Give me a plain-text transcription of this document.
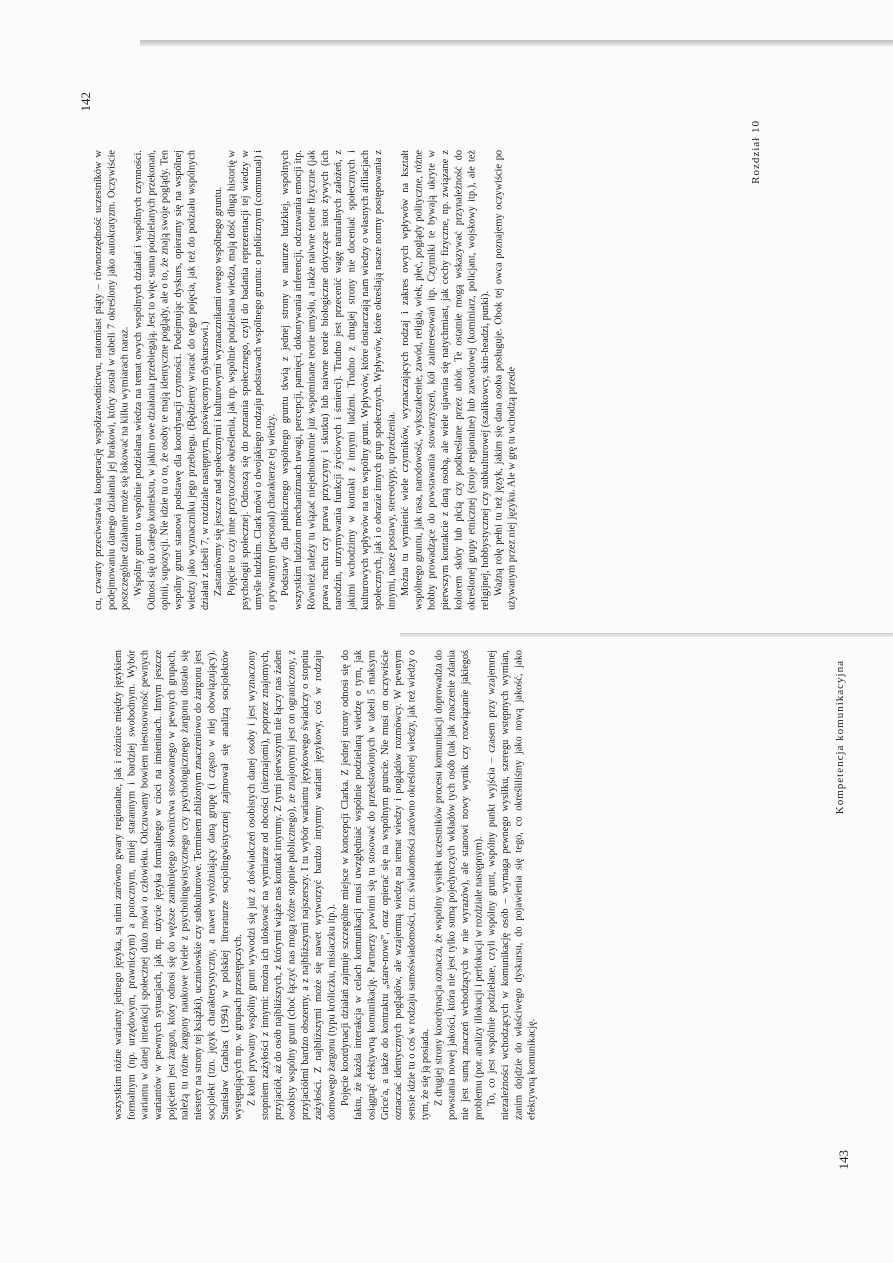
Rozdział 10
142

cu, czwarty przeciwstawia kooperację współzawodnictwu, natomiast piąty – równorzędność uczestników w podejmowaniu danego działania jej brakowi, który został w tabeli 7 określony jako autokratyzm. Oczywiście poszczególne działanie może się lokować na kilku wymiarach naraz. Wspólny grunt to wspólnie podzielana wiedza na temat owych wspólnych działań i wspólnych czynności. Odnosi się do całego kontekstu, w jakim owe działania przebiegają. Jest to więc suma podzielanych przekonań, opinii, supozycji. Nie idzie tu o to, że osoby te mają identyczne poglądy, ale o to, że znają swoje poglądy. Ten wspólny grunt stanowi podstawę dla koordynacji czynności. Podejmując dyskurs, opieramy się na wspólnej wiedzy jako wyznaczniku jego przebiegu. (Będziemy wracać do tego pojęcia, jak też do podziału wspólnych działań z tabeli 7, w rozdziale następnym, poświęconym dyskursowi.) Zastanówmy się jeszcze nad społecznymi i kulturowymi wyznacznikami owego wspólnego gruntu. Pojęcie to czy inne przytoczone określenia, jak np. wspólnie podzielana wiedza, mają dość długą historię w psychologii społecznej. Odnoszą się do poznania społecznego, czyli do badania reprezentacji tej wiedzy w umyśle ludzkim. Clark mówi o dwojakiego rodzaju podstawach wspólnego gruntu: o publicznym (communal) i o prywatnym (personal) charakterze tej wiedzy. Podstawy dla publicznego wspólnego gruntu tkwią z jednej strony w naturze ludzkiej, wspólnych wszystkim ludziom mechanizmach uwagi, percepcji, pamięci, dokonywania inferencji, odczuwania emocji itp. Również należy tu wiązać niejednokrotnie już wspominane teorie umysłu, a także naiwne teorie fizyczne (jak prawa ruchu czy prawa przyczyny i skutku) lub naiwne teorie biologiczne dotyczące istot żywych (ich narodzin, utrzymywania funkcji życiowych i śmierci). Trudno jest przecenić wagę naturalnych założeń, z jakimi wchodzimy w kontakt z innymi ludźmi. Trudno z drugiej strony nie doceniać społecznych i kulturowych wpływów na ten wspólny grunt. Wpływów, które dostarczają nam wiedzy o własnych afiliacjach społecznych, jak i o obrazie innych grup społecznych. Wpływów, które określają nasze normy postępowania z innymi, nasze postawy, stereotypy, uprzedzenia. Można tu wymienić wiele czynników, wyznaczających rodzaj i zakres owych wpływów na kształt wspólnego gruntu, jak rasa, narodowość, wykształcenie, zawód, religia, wiek, płeć, poglądy polityczne, różne hobby prowadzące do powstawania stowarzyszeń, kół zainteresowań itp. Czynniki te bywają ukryte w pierwszym kontakcie z daną osobą, ale wiele ujawnia się natychmiast, jak cechy fizyczne, np. związane z kolorem skóry lub płcią czy podkreślane przez ubiór. Te ostatnie mogą wskazywać przynależność do określonej grupy etnicznej (stroje regionalne) lub zawodowej (kominiarz, policjant, wojskowy itp.), ale też religijnej, hobbystycznej czy subkulturowej (szalikowcy, skin-headzi, punki). Ważną rolę pełni tu też język, jakim się dana osoba posługuje. Obok tej owca poznajemy oczywiście po używanym przez niej języku. Ale w grę tu wchodzą przede

Kompetencja komunikacyjna
143

wszystkim różne warianty jednego języka, są nimi zarówno gwary regionalne, jak i różnice między językiem formalnym (np. urzędowym, prawniczym) a potocznym, mniej starannym i bardziej swobodnym. Wybór wariantu w danej interakcji społecznej dużo mówi o człowieku. Odczuwamy bowiem niestosowność pewnych wariantów w pewnych sytuacjach, jak np. użycie języka formalnego w cioci na imieninach. Innym jeszcze pojęciem jest żargon, który odnosi się do węższe zamkniętego słownictwa stosowanego w pewnych grupach, należą tu różne żargony naukowe (wiele z psycholingwistycznego czy psychologicznego żargonu dostało się niestety na strony tej książki), uczniowskie czy subkulturowe. Terminem zbliżonym znaczeniowo do żargonu jest socjolekt (tzn. język charakterystyczny, a nawet wyróżniający daną grupę (i często w niej obowiązujący). Stanisław Grabias (1994) w polskiej literaturze socjolingwistycznej zajmował się analizą socjolektów występujących np. w grupach przestępczych. Z kolei prywatny wspólny grunt wywodzi się już z doświadczeń osobistych danej osoby i jest wyznaczony stopniem zażyłości z innymi: można ich ulokować na wymiarze od obcości (nieznajomi), poprzez znajomych, przyjaciół, aż do osób najbliższych, z którymi wiąże nas kontakt intymny. Z tymi pierwszymi nie łączy nas żaden osobisty wspólny grunt (choć łączyć nas mogą różne stopnie publicznego), ze znajomymi jest on ograniczony, z przyjaciółmi bardzo obszerny, a z najbliższymi najszerszy. I tu wybór wariantu językowego świadczy o stopniu zażyłości. Z najbliższymi może się nawet wytworzyć bardzo intymny wariant językowy, coś w rodzaju domowego żargonu (typu króliczku, misiaczku itp.). Pojęcie koordynacji działań zajmuje szczególne miejsce w koncepcji Clarka. Z jednej strony odnosi się do faktu, że każda interakcja w celach komunikacji musi uwzględniać wspólnie podzielaną wiedzę o tym, jak osiągnąć efektywną komunikację. Partnerzy powinni się tu stosować do przedstawionych w tabeli 5 maksym Grice'a, a także do kontraktu „stare-nowe”, oraz opierać się na wspólnym gruncie. Nie musi on oczywiście oznaczać identycznych poglądów, ale wzajemną wiedzę na temat wiedzy i poglądów rozmówcy. W pewnym sensie idzie tu o coś w rodzaju samoświadomości, tzn. świadomości zarówno określonej wiedzy, jak też wiedzy o tym, że się ją posiada. Z drugiej strony koordynacja oznacza, że wspólny wysiłek uczestników procesu komunikacji doprowadza do powstania nowej jakości, która nie jest tylko sumą pojedynczych wkładów tych osób (tak jak znaczenie zdania nie jest sumą znaczeń wchodzących w nie wyrazów), ale stanowi nowy wynik czy rozwiązanie jakiegoś problemu (por. analizy illokucji i perlokucji w rozdziale następnym). To, co jest wspólnie podzielane, czyli wspólny grunt, wspólny punkt wyjścia – czasem przy wzajemnej niezależności wchodzących w komunikację osób – wymaga pewnego wysiłku, szeregu wstępnych wymian, zanim dojdzie do właściwego dyskursu, do pojawienia się tego, co określiliśmy jako nową jakość, jako efektywną komunikację.
